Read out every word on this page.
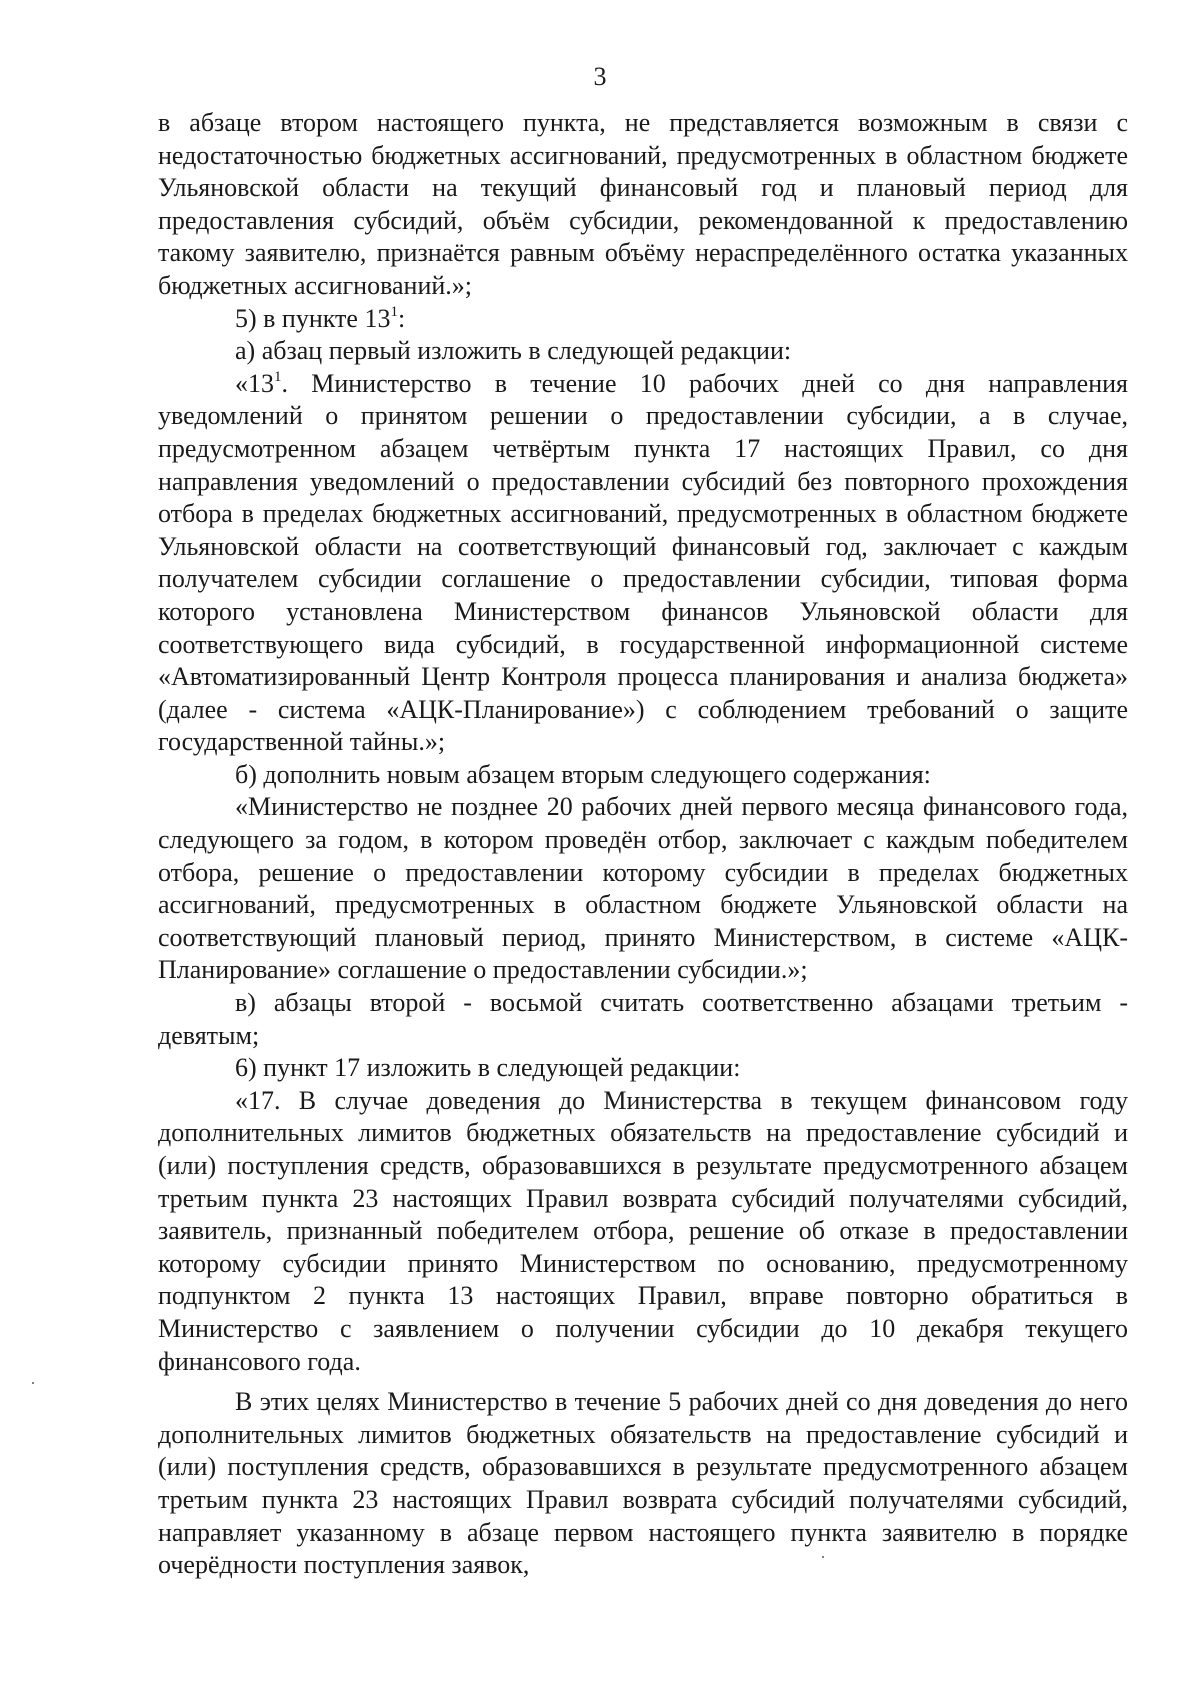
3

в абзаце втором настоящего пункта, не представляется возможным в связи с недостаточностью бюджетных ассигнований, предусмотренных в областном бюджете Ульяновской области на текущий финансовый год и плановый период для предоставления субсидий, объём субсидии, рекомендованной к предоставлению такому заявителю, признаётся равным объёму нераспределённого остатка указанных бюджетных ассигнований.»;

5) в пункте $13^1$:

а) абзац первый изложить в следующей редакции:

«$13^1$. Министерство в течение 10 рабочих дней со дня направления уведомлений о принятом решении о предоставлении субсидии, а в случае, предусмотренном абзацем четвёртым пункта 17 настоящих Правил, со дня направления уведомлений о предоставлении субсидий без повторного прохождения отбора в пределах бюджетных ассигнований, предусмотренных в областном бюджете Ульяновской области на соответствующий финансовый год, заключает с каждым получателем субсидии соглашение о предоставлении субсидии, типовая форма которого установлена Министерством финансов Ульяновской области для соответствующего вида субсидий, в государственной информационной системе «Автоматизированный Центр Контроля процесса планирования и анализа бюджета» (далее - система «АЦК-Планирование») с соблюдением требований о защите государственной тайны.»;

б) дополнить новым абзацем вторым следующего содержания:

«Министерство не позднее 20 рабочих дней первого месяца финансового года, следующего за годом, в котором проведён отбор, заключает с каждым победителем отбора, решение о предоставлении которому субсидии в пределах бюджетных ассигнований, предусмотренных в областном бюджете Ульяновской области на соответствующий плановый период, принято Министерством, в системе «АЦК-Планирование» соглашение о предоставлении субсидии.»;

в) абзацы второй - восьмой считать соответственно абзацами третьим - девятым;

6) пункт 17 изложить в следующей редакции:

«17. В случае доведения до Министерства в текущем финансовом году дополнительных лимитов бюджетных обязательств на предоставление субсидий и (или) поступления средств, образовавшихся в результате предусмотренного абзацем третьим пункта 23 настоящих Правил возврата субсидий получателями субсидий, заявитель, признанный победителем отбора, решение об отказе в предоставлении которому субсидии принято Министерством по основанию, предусмотренному подпунктом 2 пункта 13 настоящих Правил, вправе повторно обратиться в Министерство с заявлением о получении субсидии до 10 декабря текущего финансового года.

В этих целях Министерство в течение 5 рабочих дней со дня доведения до него дополнительных лимитов бюджетных обязательств на предоставление субсидий и (или) поступления средств, образовавшихся в результате предусмотренного абзацем третьим пункта 23 настоящих Правил возврата субсидий получателями субсидий, направляет указанному в абзаце первом настоящего пункта заявителю в порядке очерёдности поступления заявок,
